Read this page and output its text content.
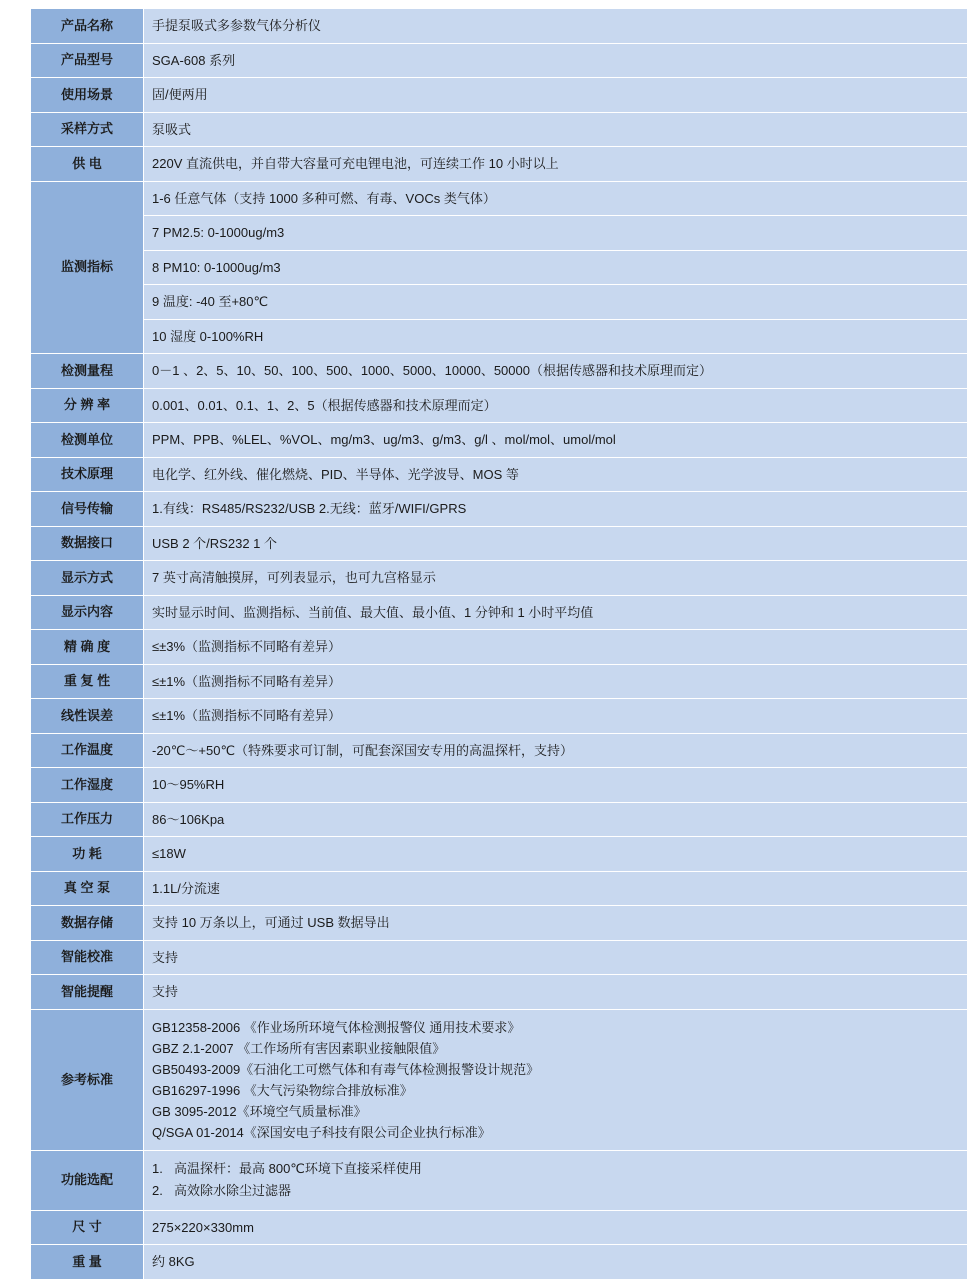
产品名称	手提泵吸式多参数气体分析仪
产品型号	SGA-608 系列
使用场景	固/便两用
采样方式	泵吸式
供 电	220V 直流供电，并自带大容量可充电锂电池，可连续工作 10 小时以上
监测指标	1-6 任意气体（支持 1000 多种可燃、有毒、VOCs 类气体）
7 PM2.5: 0-1000ug/m3
8 PM10: 0-1000ug/m3
9 温度: -40 至+80℃
10 湿度 0-100%RH

检测量程	0－1 、2、5、10、50、100、500、1000、5000、10000、50000（根据传感器和技术原理而定）
分 辨 率	0.001、0.01、0.1、1、2、5（根据传感器和技术原理而定）
检测单位	PPM、PPB、%LEL、%VOL、mg/m3、ug/m3、g/m3、g/l 、mol/mol、umol/mol
技术原理	电化学、红外线、催化燃烧、PID、半导体、光学波导、MOS 等
信号传输	1.有线：RS485/RS232/USB 2.无线：蓝牙/WIFI/GPRS
数据接口	USB 2 个/RS232 1 个
显示方式	7 英寸高清触摸屏，可列表显示，也可九宫格显示
显示内容	实时显示时间、监测指标、当前值、最大值、最小值、1 分钟和 1 小时平均值
精 确 度	≤±3%（监测指标不同略有差异）
重 复 性	≤±1%（监测指标不同略有差异）
线性误差	≤±1%（监测指标不同略有差异）
工作温度	-20℃～+50℃（特殊要求可订制，可配套深国安专用的高温探杆，支持）
工作湿度	10～95%RH
工作压力	86～106Kpa
功 耗	≤18W
真 空 泵	1.1L/分流速
数据存储	支持 10 万条以上，可通过 USB 数据导出
智能校准	支持
智能提醒	支持
参考标准	
GB12358-2006 《作业场所环境气体检测报警仪 通用技术要求》
GBZ 2.1-2007 《工作场所有害因素职业接触限值》
GB50493-2009《石油化工可燃气体和有毒气体检测报警设计规范》
GB16297-1996 《大气污染物综合排放标准》
GB 3095-2012《环境空气质量标准》
Q/SGA 01-2014《深国安电子科技有限公司企业执行标准》

功能选配	1. 高温探杆：最高 800℃环境下直接采样使用
2. 高效除水除尘过滤器

尺 寸	275×220×330mm
重 量	约 8KG
